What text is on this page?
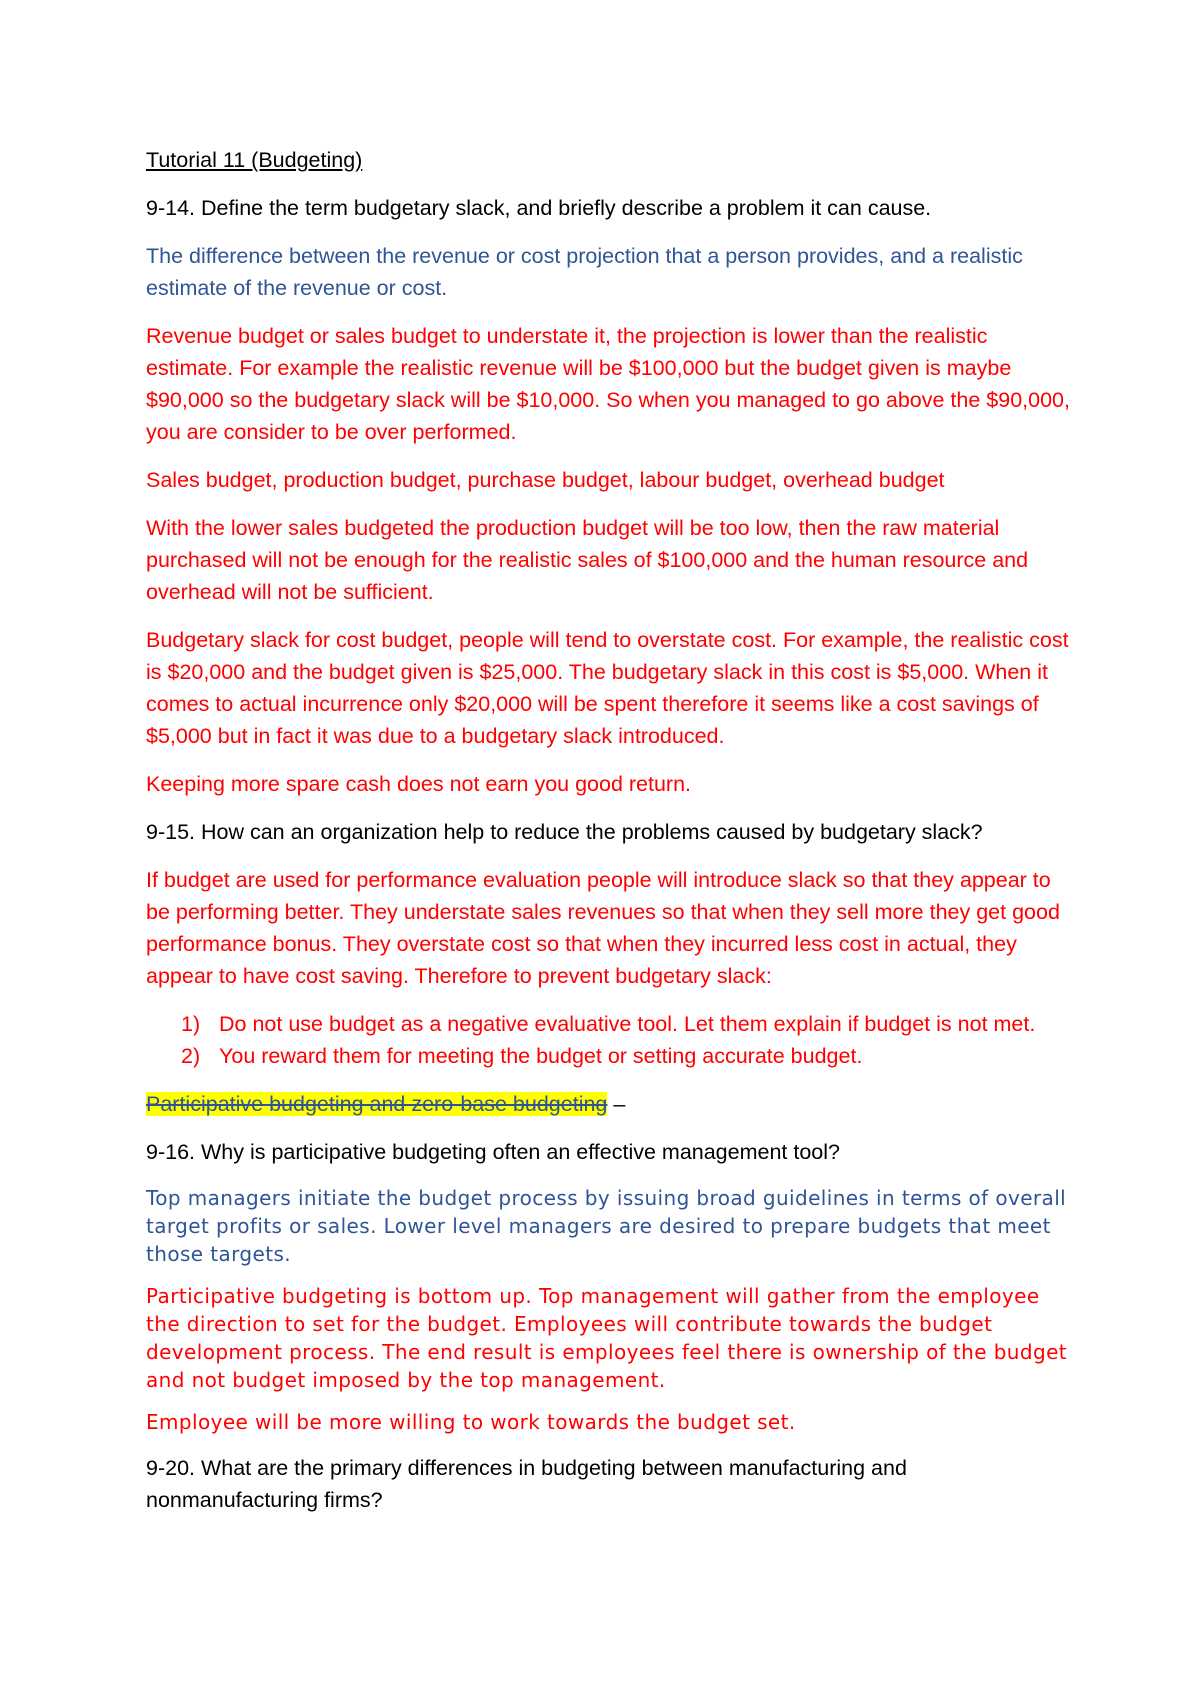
Tutorial 11 (Budgeting)

9-14. Define the term budgetary slack, and briefly describe a problem it can cause.

The difference between the revenue or cost projection that a person provides, and a realistic estimate of the revenue or cost.

Revenue budget or sales budget to understate it, the projection is lower than the realistic estimate. For example the realistic revenue will be $100,000 but the budget given is maybe $90,000 so the budgetary slack will be $10,000. So when you managed to go above the $90,000, you are consider to be over performed.

Sales budget, production budget, purchase budget, labour budget, overhead budget

With the lower sales budgeted the production budget will be too low, then the raw material purchased will not be enough for the realistic sales of $100,000 and the human resource and overhead will not be sufficient.

Budgetary slack for cost budget, people will tend to overstate cost. For example, the realistic cost is $20,000 and the budget given is $25,000. The budgetary slack in this cost is $5,000. When it comes to actual incurrence only $20,000 will be spent therefore it seems like a cost savings of $5,000 but in fact it was due to a budgetary slack introduced.

Keeping more spare cash does not earn you good return.

9-15. How can an organization help to reduce the problems caused by budgetary slack?

If budget are used for performance evaluation people will introduce slack so that they appear to be performing better. They understate sales revenues so that when they sell more they get good performance bonus. They overstate cost so that when they incurred less cost in actual, they appear to have cost saving. Therefore to prevent budgetary slack:

1) Do not use budget as a negative evaluative tool. Let them explain if budget is not met.
2) You reward them for meeting the budget or setting accurate budget.

Participative budgeting and zero-base budgeting –

9-16. Why is participative budgeting often an effective management tool?

Top managers initiate the budget process by issuing broad guidelines in terms of overall target profits or sales. Lower level managers are desired to prepare budgets that meet those targets.

Participative budgeting is bottom up. Top management will gather from the employee the direction to set for the budget. Employees will contribute towards the budget development process. The end result is employees feel there is ownership of the budget and not budget imposed by the top management.

Employee will be more willing to work towards the budget set.

9-20. What are the primary differences in budgeting between manufacturing and nonmanufacturing firms?
